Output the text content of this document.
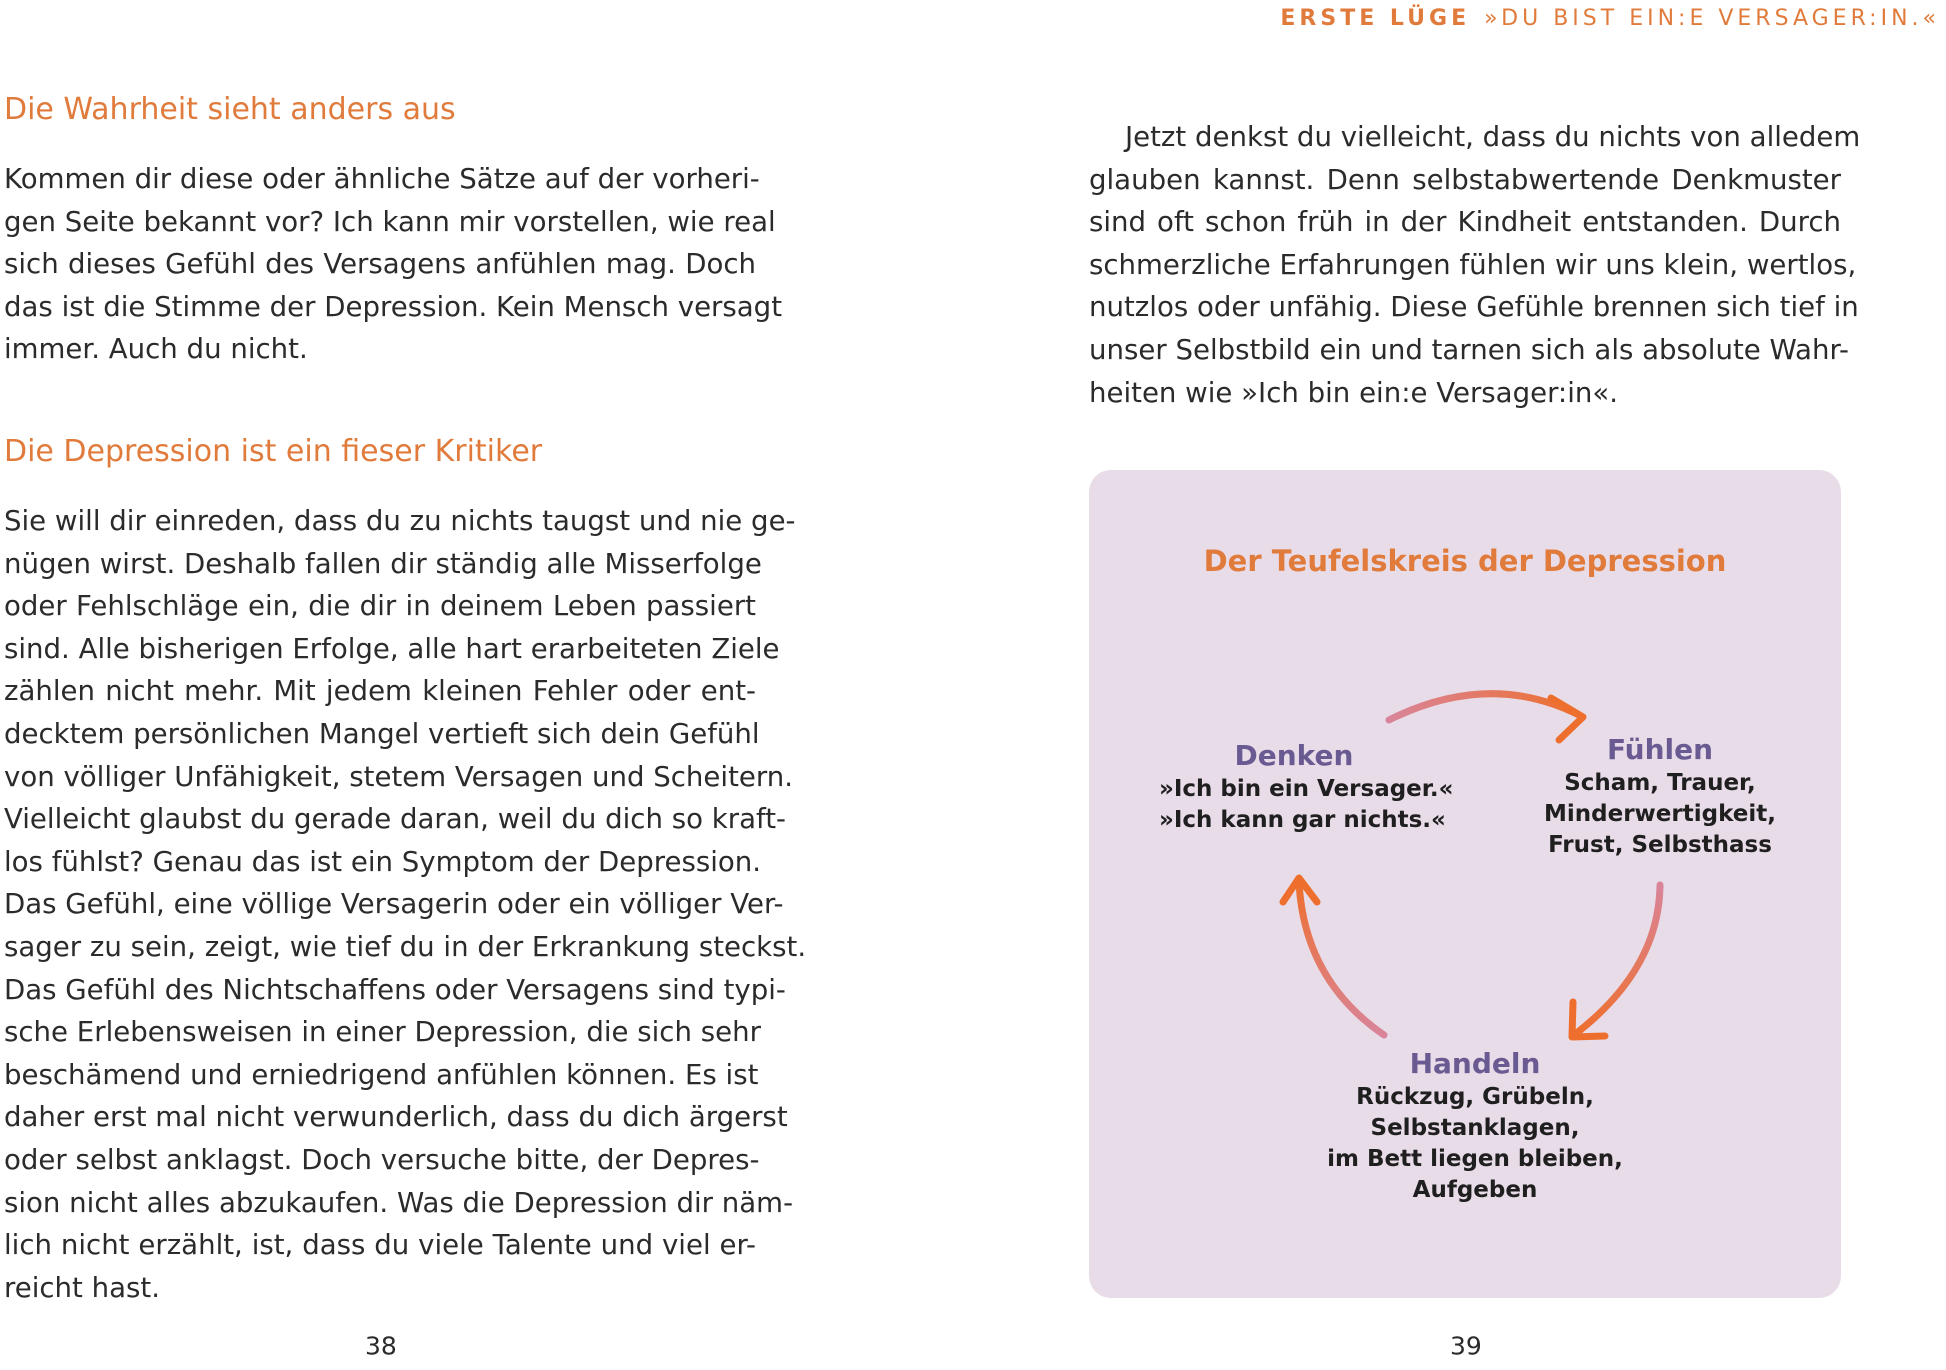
Die Wahrheit sieht anders aus

Kommen dir diese oder ähnliche Sätze auf der vorheri-
gen Seite bekannt vor? Ich kann mir vorstellen, wie real
sich dieses Gefühl des Versagens anfühlen mag. Doch
das ist die Stimme der Depression. Kein Mensch versagt
immer. Auch du nicht.

Die Depression ist ein fieser Kritiker

Sie will dir einreden, dass du zu nichts taugst und nie ge-
nügen wirst. Deshalb fallen dir ständig alle Misserfolge
oder Fehlschläge ein, die dir in deinem Leben passiert
sind. Alle bisherigen Erfolge, alle hart erarbeiteten Ziele
zählen nicht mehr. Mit jedem kleinen Fehler oder ent-
decktem persönlichen Mangel vertieft sich dein Gefühl
von völliger Unfähigkeit, stetem Versagen und Scheitern.
Vielleicht glaubst du gerade daran, weil du dich so kraft-
los fühlst? Genau das ist ein Symptom der Depression.
Das Gefühl, eine völlige Versagerin oder ein völliger Ver-
sager zu sein, zeigt, wie tief du in der Erkrankung steckst.
Das Gefühl des Nichtschaffens oder Versagens sind typi-
sche Erlebensweisen in einer Depression, die sich sehr
beschämend und erniedrigend anfühlen können. Es ist
daher erst mal nicht verwunderlich, dass du dich ärgerst
oder selbst anklagst. Doch versuche bitte, der Depres-
sion nicht alles abzukaufen. Was die Depression dir näm-
lich nicht erzählt, ist, dass du viele Talente und viel er-
reicht hast.

38
ERSTE LÜGE »DU BIST EIN:E VERSAGER:IN.«

Jetzt denkst du vielleicht, dass du nichts von alledem
glauben kannst. Denn selbstabwertende Denkmuster
sind oft schon früh in der Kindheit entstanden. Durch
schmerzliche Erfahrungen fühlen wir uns klein, wertlos,
nutzlos oder unfähig. Diese Gefühle brennen sich tief in
unser Selbstbild ein und tarnen sich als absolute Wahr-
heiten wie »Ich bin ein:e Versager:in«.

Der Teufelskreis der Depression
Denken
»Ich bin ein Versager.«
»Ich kann gar nichts.«
Fühlen
Scham, Trauer,
Minderwertigkeit,
Frust, Selbsthass
Handeln
Rückzug, Grübeln,
Selbstanklagen,
im Bett liegen bleiben,
Aufgeben
39
